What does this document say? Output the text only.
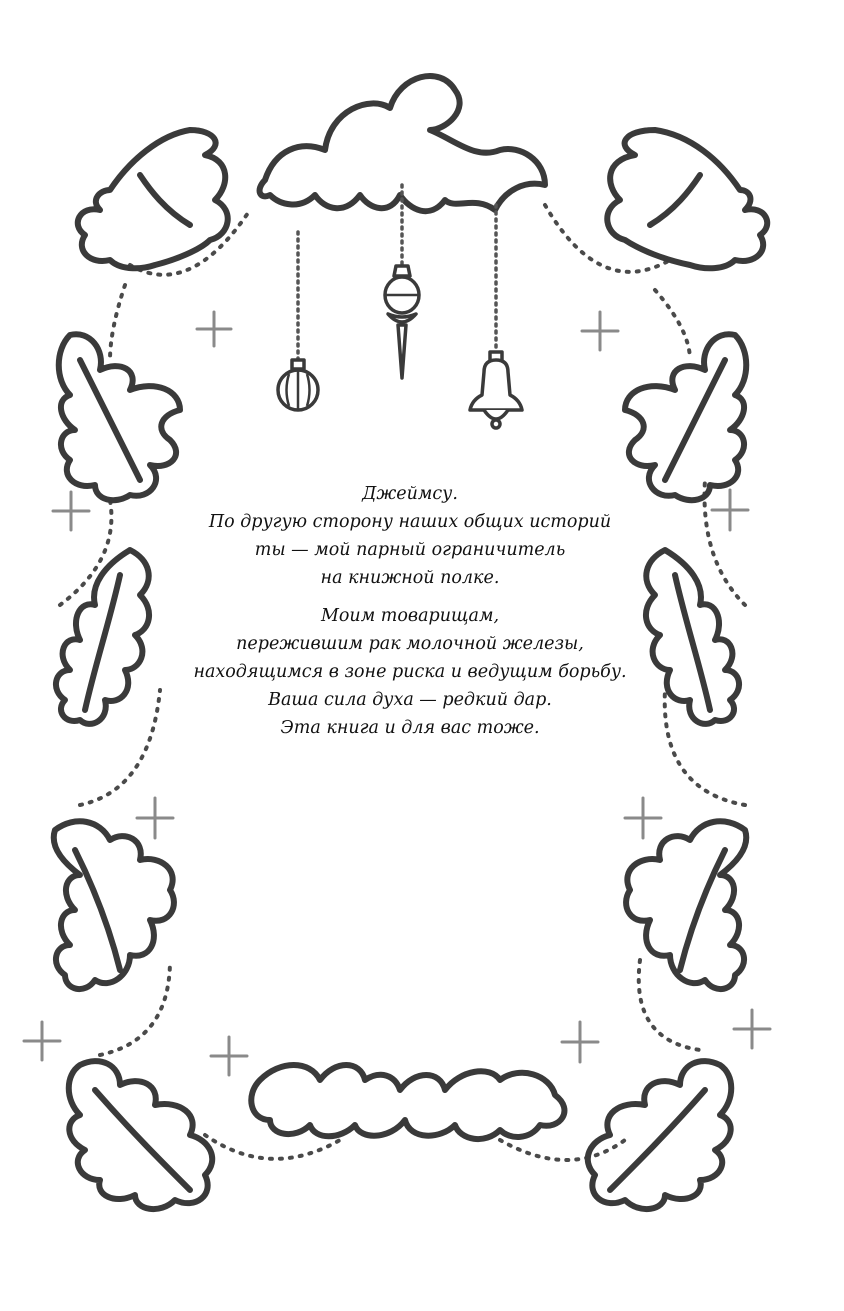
Джеймсу.

По другую сторону наших общих историй

ты — мой парный ограничитель

на книжной полке.

Моим товарищам,

пережившим рак молочной железы,

находящимся в зоне риска и ведущим борьбу.

Ваша сила духа — редкий дар.

Эта книга и для вас тоже.
